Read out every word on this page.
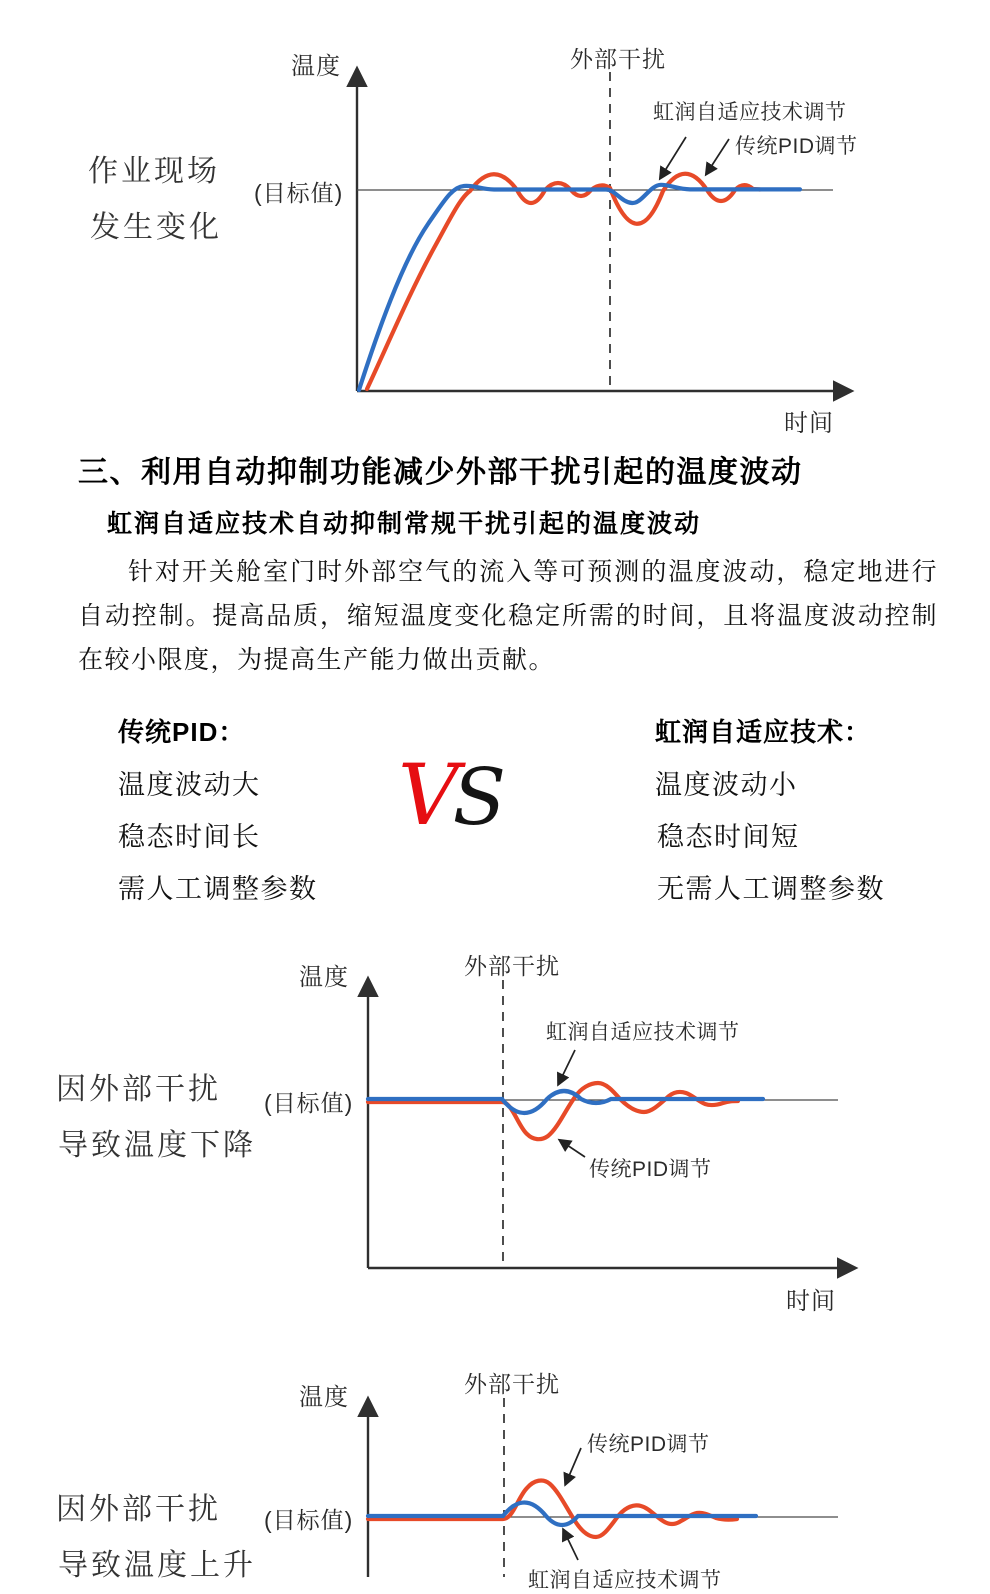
作业现场
发生变化
温度	外部干扰
虹润自适应技术调节
传统PID调节
(目标值)
时间
三、利用自动抑制功能减少外部干扰引起的温度波动
虹润自适应技术自动抑制常规干扰引起的温度波动
针对开关舱室门时外部空气的流入等可预测的温度波动，稳定地进行自动控制。提高品质，缩短温度变化稳定所需的时间，且将温度波动控制在较小限度，为提高生产能力做出贡献。
传统PID：
温度波动大
稳态时间长
需人工调整参数
VS
虹润自适应技术：
温度波动小
稳态时间短
无需人工调整参数
因外部干扰
导致温度下降
温度	外部干扰
虹润自适应技术调节
传统PID调节
(目标值)
时间
因外部干扰
导致温度上升
温度	外部干扰
传统PID调节
(目标值)
虹润自适应技术调节
